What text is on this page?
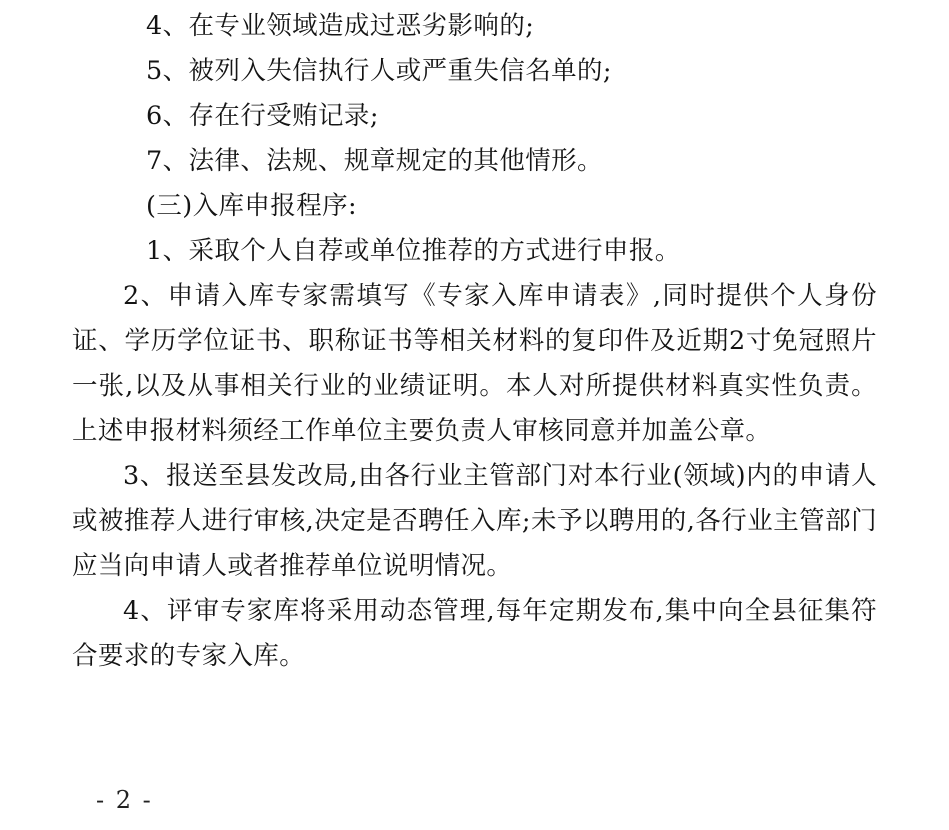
4、在专业领域造成过恶劣影响的;

5、被列入失信执行人或严重失信名单的;

6、存在行受贿记录;

7、法律、法规、规章规定的其他情形。

(三)入库申报程序:

1、采取个人自荐或单位推荐的方式进行申报。

2、申请入库专家需填写《专家入库申请表》,同时提供个人身份证、学历学位证书、职称证书等相关材料的复印件及近期2寸免冠照片一张,以及从事相关行业的业绩证明。本人对所提供材料真实性负责。上述申报材料须经工作单位主要负责人审核同意并加盖公章。

3、报送至县发改局,由各行业主管部门对本行业(领域)内的申请人或被推荐人进行审核,决定是否聘任入库;未予以聘用的,各行业主管部门应当向申请人或者推荐单位说明情况。

4、评审专家库将采用动态管理,每年定期发布,集中向全县征集符合要求的专家入库。

- 2 -
